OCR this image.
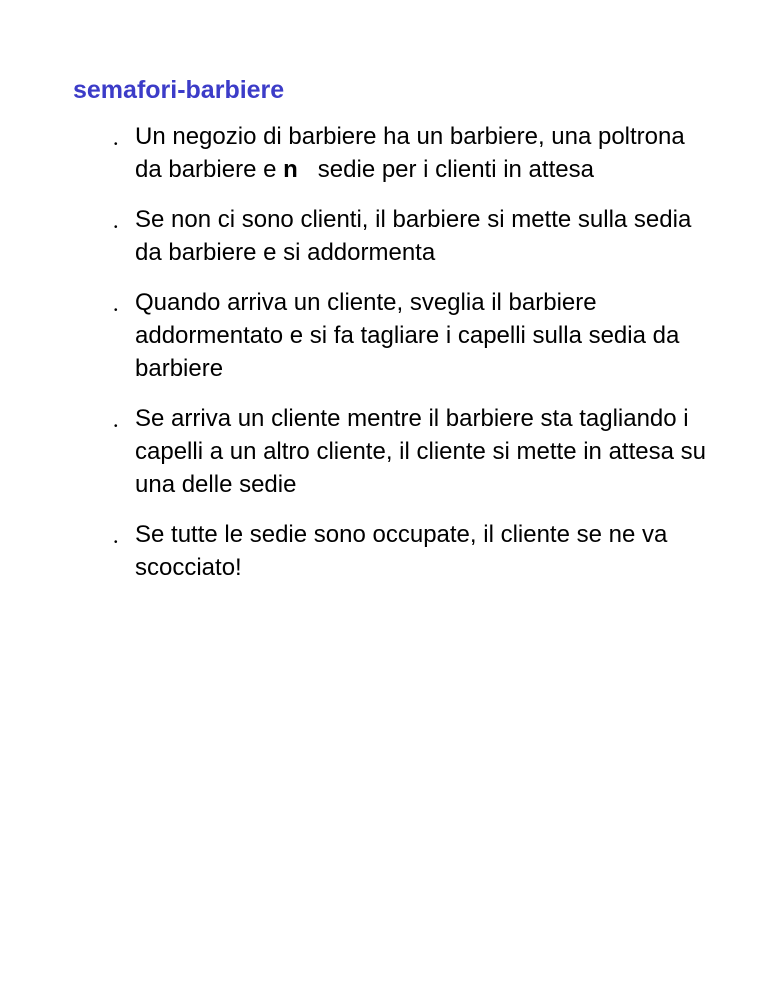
semafori-barbiere
• Un negozio di barbiere ha un barbiere, una poltrona da barbiere e n   sedie per i clienti in attesa
• Se non ci sono clienti, il barbiere si mette sulla sedia da barbiere e si addormenta
• Quando arriva un cliente, sveglia il barbiere addormentato e si fa tagliare i capelli sulla sedia da barbiere
• Se arriva un cliente mentre il barbiere sta tagliando i capelli a un altro cliente, il cliente si mette in attesa su una delle sedie
• Se tutte le sedie sono occupate, il cliente se ne va scocciato!
